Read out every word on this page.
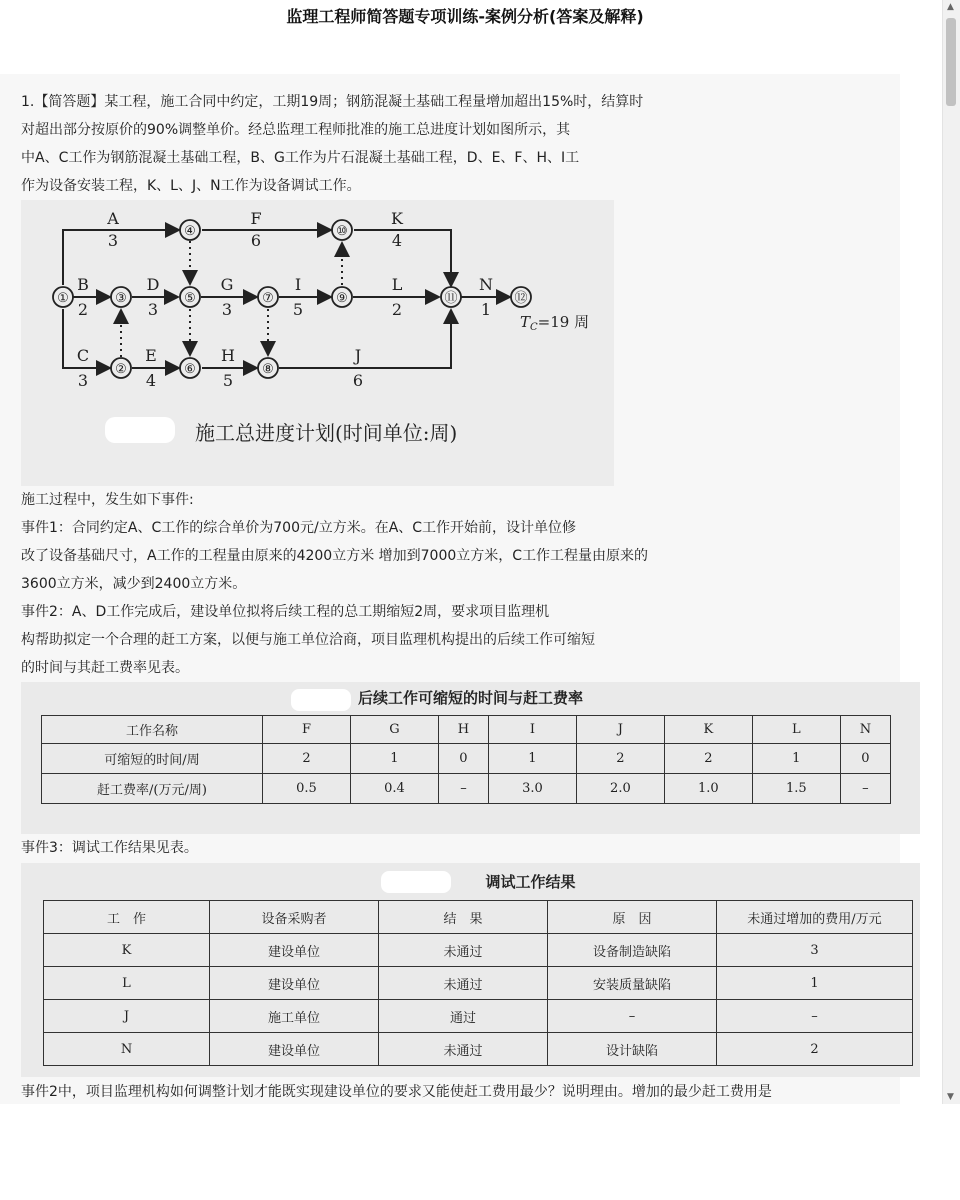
监理工程师简答题专项训练-案例分析(答案及解释)	▲
▼
1.【简答题】某工程，施工合同中约定，工期19周；钢筋混凝土基础工程量增加超出15%时，结算时
对超出部分按原价的90%调整单价。经总监理工程师批准的施工总进度计划如图所示，其
中A、C工作为钢筋混凝土基础工程，B、G工作为片石混凝土基础工程，D、E、F、H、I工
作为设备安装工程，K、L、J、N工作为设备调试工作。
①
②
③
④
⑤
⑥
⑦
⑧
⑨
⑩
⑪	⑫
A
3
F
6
K
4
B
2
D
3
G
3
I
5
L
2
N
1
C
3
E
4
H
5
J
6
$T_C=19$ 周
施工总进度计划(时间单位:周)
施工过程中，发生如下事件:
事件1：合同约定A、C工作的综合单价为700元/立方米。在A、C工作开始前，设计单位修
改了设备基础尺寸，A工作的工程量由原来的4200立方米 增加到7000立方米，C工作工程量由原来的
3600立方米，减少到2400立方米。
事件2：A、D工作完成后，建设单位拟将后续工程的总工期缩短2周，要求项目监理机
构帮助拟定一个合理的赶工方案，以便与施工单位洽商，项目监理机构提出的后续工作可缩短
的时间与其赶工费率见表。
后续工作可缩短的时间与赶工费率
工作名称	F	G	H	I	J	K	L	N
可缩短的时间/周	2	1	0	1	2	2	1	0
赶工费率/(万元/周)	0.5	0.4	–	3.0	2.0	1.0	1.5	–
事件3：调试工作结果见表。
调试工作结果
工　作	设备采购者	结　果	原　因	未通过增加的费用/万元
K	建设单位	未通过	设备制造缺陷	3
L	建设单位	未通过	安装质量缺陷	1
J	施工单位	通过	–	–
N	建设单位	未通过	设计缺陷	2
事件2中，项目监理机构如何调整计划才能既实现建设单位的要求又能使赶工费用最少？说明理由。增加的最少赶工费用是
